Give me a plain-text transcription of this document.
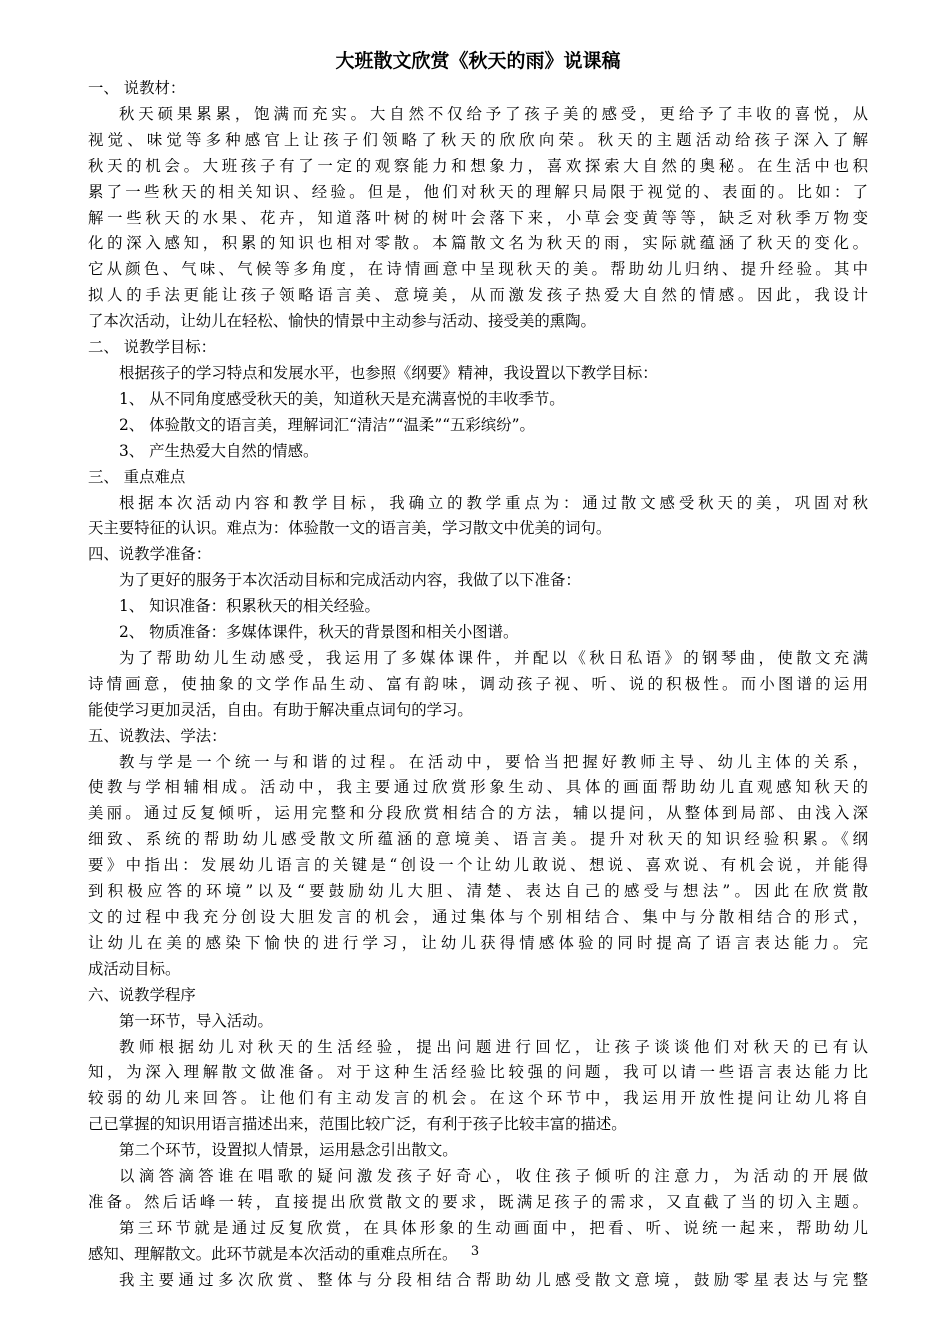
大班散文欣赏《秋天的雨》说课稿
一、 说教材：
秋天硕果累累，饱满而充实。大自然不仅给予了孩子美的感受，更给予了丰收的喜悦，从
视觉、味觉等多种感官上让孩子们领略了秋天的欣欣向荣。秋天的主题活动给孩子深入了解
秋天的机会。大班孩子有了一定的观察能力和想象力，喜欢探索大自然的奥秘。在生活中也积
累了一些秋天的相关知识、经验。但是，他们对秋天的理解只局限于视觉的、表面的。比如：了
解一些秋天的水果、花卉，知道落叶树的树叶会落下来，小草会变黄等等，缺乏对秋季万物变
化的深入感知，积累的知识也相对零散。本篇散文名为秋天的雨，实际就蕴涵了秋天的变化。
它从颜色、气味、气候等多角度，在诗情画意中呈现秋天的美。帮助幼儿归纳、提升经验。其中
拟人的手法更能让孩子领略语言美、意境美，从而激发孩子热爱大自然的情感。因此，我设计
了本次活动，让幼儿在轻松、愉快的情景中主动参与活动、接受美的熏陶。
二、 说教学目标：
根据孩子的学习特点和发展水平，也参照《纲要》精神，我设置以下教学目标：
1、 从不同角度感受秋天的美，知道秋天是充满喜悦的丰收季节。
2、 体验散文的语言美，理解词汇“清洁”“温柔”“五彩缤纷”。
3、 产生热爱大自然的情感。
三、 重点难点
根据本次活动内容和教学目标，我确立的教学重点为：通过散文感受秋天的美，巩固对秋
天主要特征的认识。难点为：体验散一文的语言美，学习散文中优美的词句。
四、说教学准备：
为了更好的服务于本次活动目标和完成活动内容，我做了以下准备：
1、 知识准备：积累秋天的相关经验。
2、 物质准备：多媒体课件，秋天的背景图和相关小图谱。
为了帮助幼儿生动感受，我运用了多媒体课件，并配以《秋日私语》的钢琴曲，使散文充满
诗情画意，使抽象的文学作品生动、富有韵味，调动孩子视、听、说的积极性。而小图谱的运用
能使学习更加灵活，自由。有助于解决重点词句的学习。
五、说教法、学法：
教与学是一个统一与和谐的过程。在活动中，要恰当把握好教师主导、幼儿主体的关系，
使教与学相辅相成。活动中，我主要通过欣赏形象生动、具体的画面帮助幼儿直观感知秋天的
美丽。通过反复倾听，运用完整和分段欣赏相结合的方法，辅以提问，从整体到局部、由浅入深
细致、系统的帮助幼儿感受散文所蕴涵的意境美、语言美。提升对秋天的知识经验积累。《纲
要》中指出：发展幼儿语言的关键是“创设一个让幼儿敢说、想说、喜欢说、有机会说，并能得
到积极应答的环境”以及“要鼓励幼儿大胆、清楚、表达自己的感受与想法”。因此在欣赏散
文的过程中我充分创设大胆发言的机会，通过集体与个别相结合、集中与分散相结合的形式，
让幼儿在美的感染下愉快的进行学习，让幼儿获得情感体验的同时提高了语言表达能力。完
成活动目标。
六、说教学程序
第一环节，导入活动。
教师根据幼儿对秋天的生活经验，提出问题进行回忆，让孩子谈谈他们对秋天的已有认
知，为深入理解散文做准备。对于这种生活经验比较强的问题，我可以请一些语言表达能力比
较弱的幼儿来回答。让他们有主动发言的机会。在这个环节中，我运用开放性提问让幼儿将自
己已掌握的知识用语言描述出来，范围比较广泛，有利于孩子比较丰富的描述。
第二个环节，设置拟人情景，运用悬念引出散文。
以滴答滴答谁在唱歌的疑问激发孩子好奇心，收住孩子倾听的注意力，为活动的开展做
准备。然后话峰一转，直接提出欣赏散文的要求，既满足孩子的需求，又直截了当的切入主题。
第三环节就是通过反复欣赏，在具体形象的生动画面中，把看、听、说统一起来，帮助幼儿
感知、理解散文。此环节就是本次活动的重难点所在。
我主要通过多次欣赏、整体与分段相结合帮助幼儿感受散文意境，鼓励零星表达与完整
3
